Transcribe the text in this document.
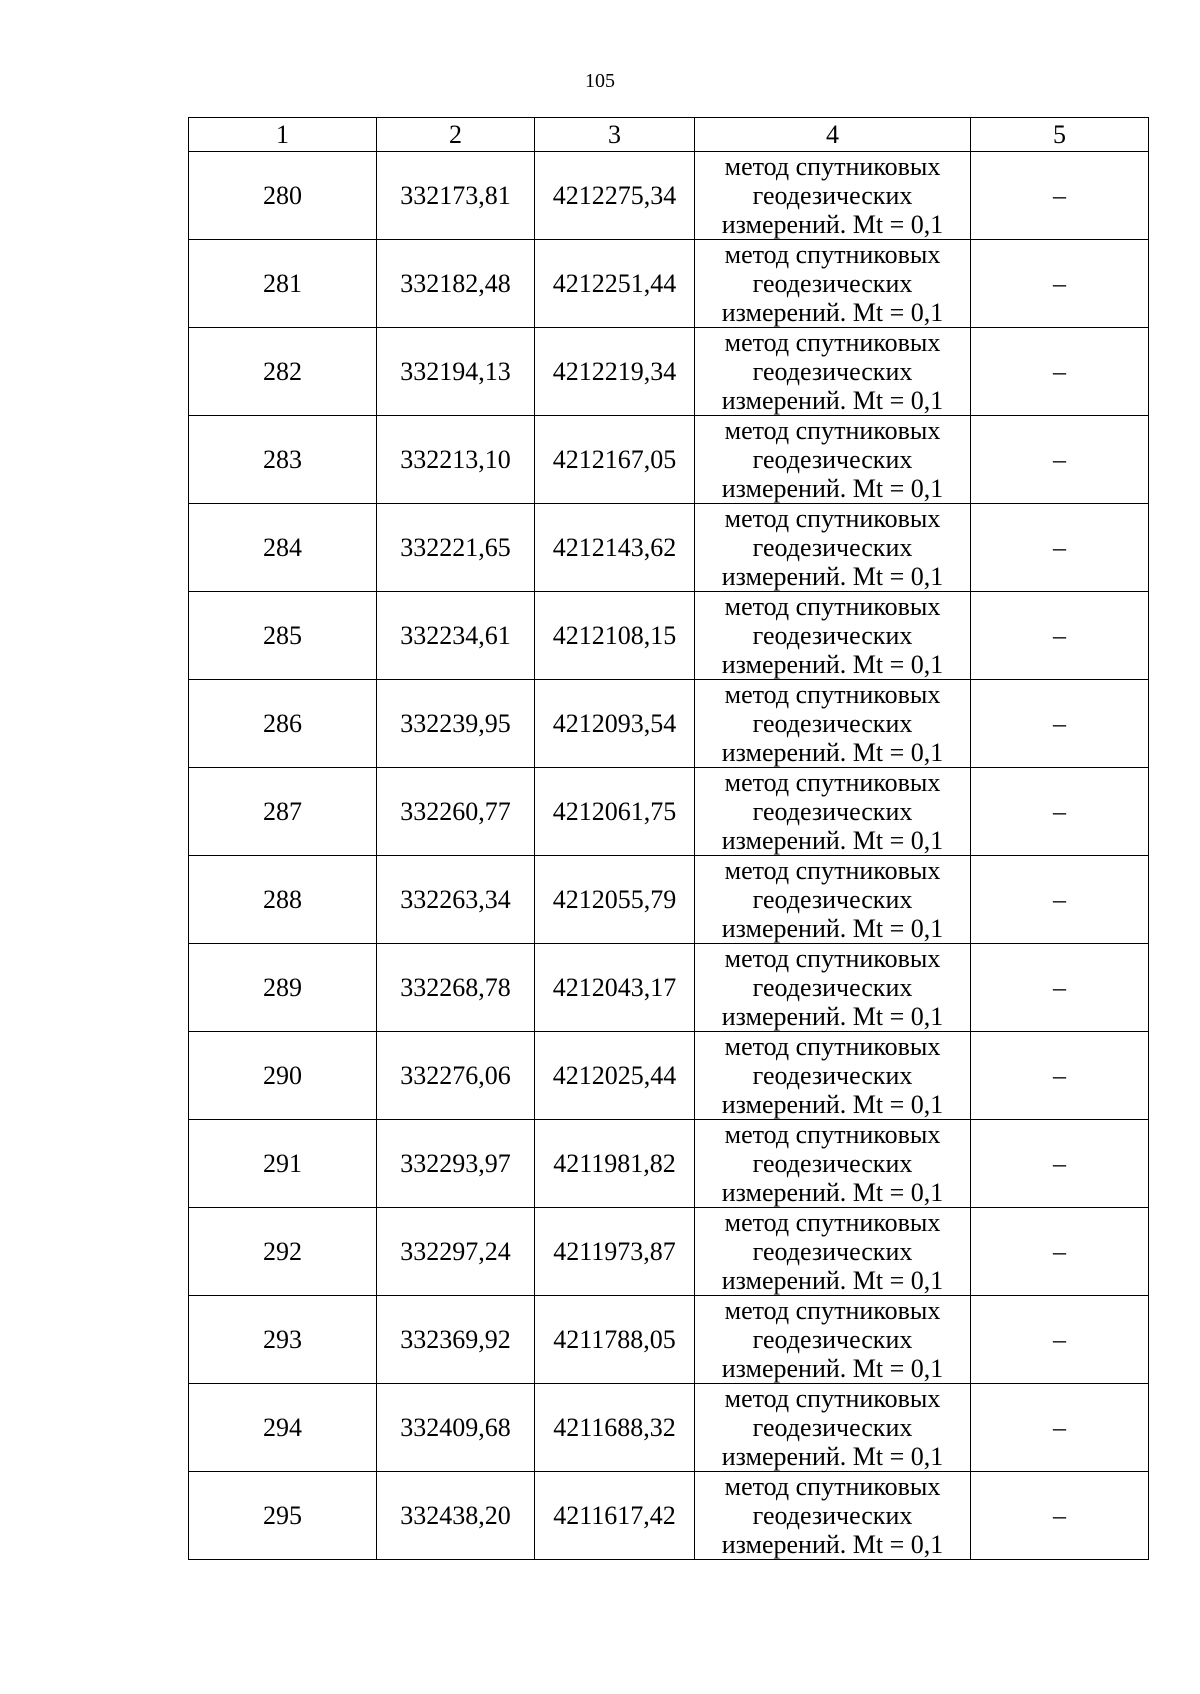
105
1	2	3	4	5
280	332173,81	4212275,34	метод спутниковых
геодезических
измерений. Mt = 0,1	–
281	332182,48	4212251,44	метод спутниковых
геодезических
измерений. Mt = 0,1	–
282	332194,13	4212219,34	метод спутниковых
геодезических
измерений. Mt = 0,1	–
283	332213,10	4212167,05	метод спутниковых
геодезических
измерений. Mt = 0,1	–
284	332221,65	4212143,62	метод спутниковых
геодезических
измерений. Mt = 0,1	–
285	332234,61	4212108,15	метод спутниковых
геодезических
измерений. Mt = 0,1	–
286	332239,95	4212093,54	метод спутниковых
геодезических
измерений. Mt = 0,1	–
287	332260,77	4212061,75	метод спутниковых
геодезических
измерений. Mt = 0,1	–
288	332263,34	4212055,79	метод спутниковых
геодезических
измерений. Mt = 0,1	–
289	332268,78	4212043,17	метод спутниковых
геодезических
измерений. Mt = 0,1	–
290	332276,06	4212025,44	метод спутниковых
геодезических
измерений. Mt = 0,1	–
291	332293,97	4211981,82	метод спутниковых
геодезических
измерений. Mt = 0,1	–
292	332297,24	4211973,87	метод спутниковых
геодезических
измерений. Mt = 0,1	–
293	332369,92	4211788,05	метод спутниковых
геодезических
измерений. Mt = 0,1	–
294	332409,68	4211688,32	метод спутниковых
геодезических
измерений. Mt = 0,1	–
295	332438,20	4211617,42	метод спутниковых
геодезических
измерений. Mt = 0,1	–
